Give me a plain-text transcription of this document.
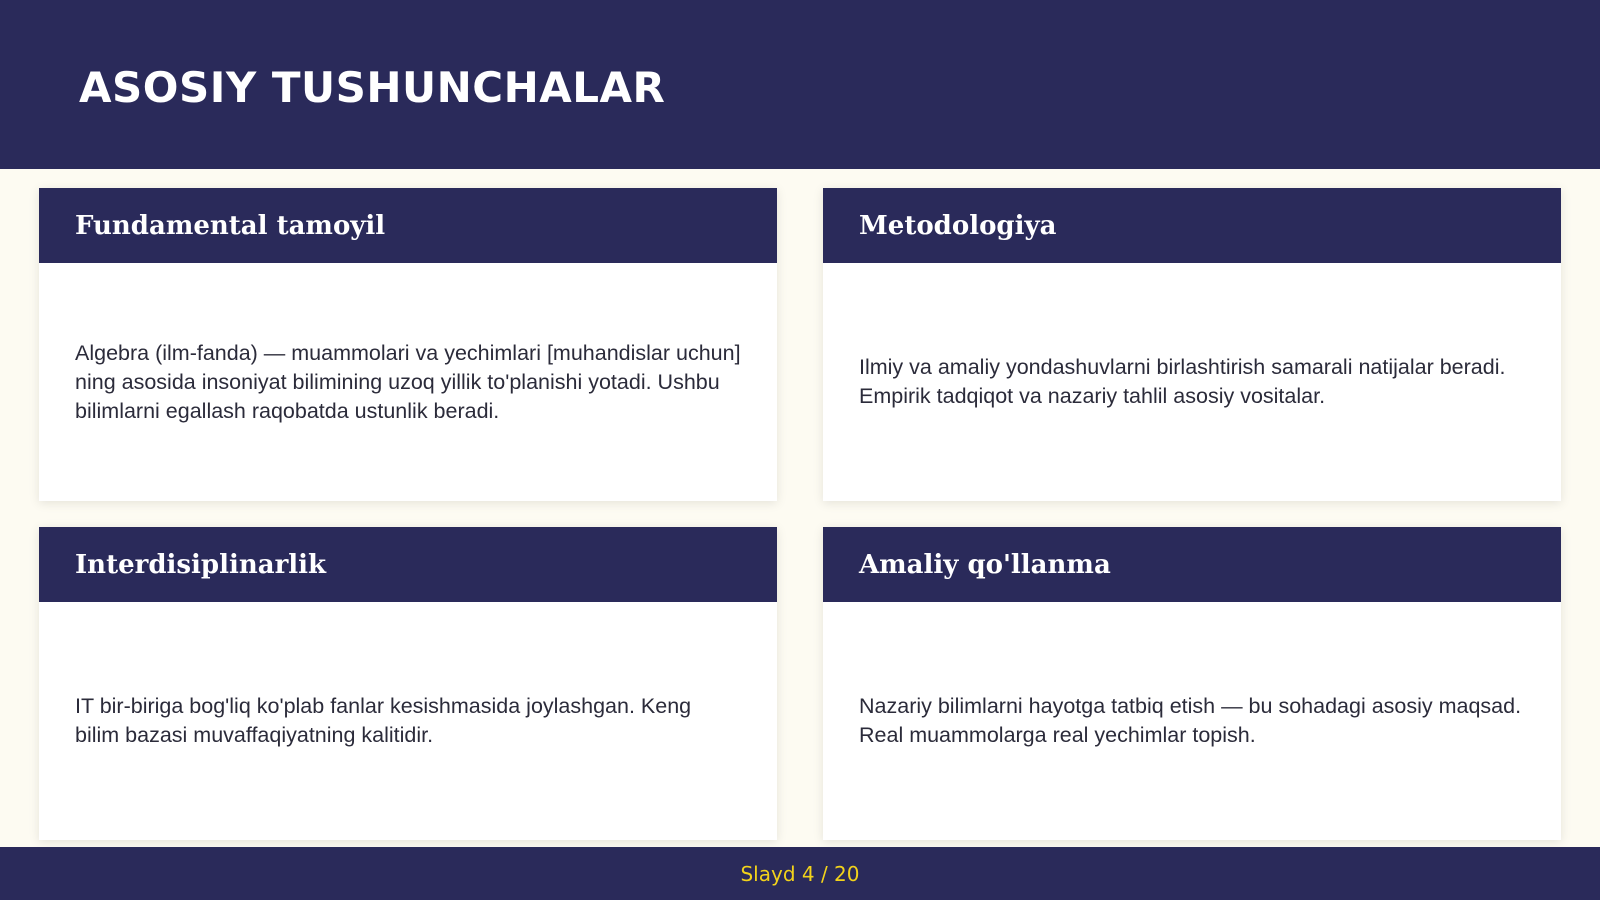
ASOSIY TUSHUNCHALAR
Fundamental tamoyil

Algebra (ilm-fanda) — muammolari va yechimlari [muhandislar uchun] ning asosida insoniyat bilimining uzoq yillik to'planishi yotadi. Ushbu bilimlarni egallash raqobatda ustunlik beradi.

Metodologiya

Ilmiy va amaliy yondashuvlarni birlashtirish samarali natijalar beradi. Empirik tadqiqot va nazariy tahlil asosiy vositalar.

Interdisiplinarlik

IT bir-biriga bog'liq ko'plab fanlar kesishmasida joylashgan. Keng bilim bazasi muvaffaqiyatning kalitidir.

Amaliy qo'llanma

Nazariy bilimlarni hayotga tatbiq etish — bu sohadagi asosiy maqsad. Real muammolarga real yechimlar topish.

Slayd 4 / 20
